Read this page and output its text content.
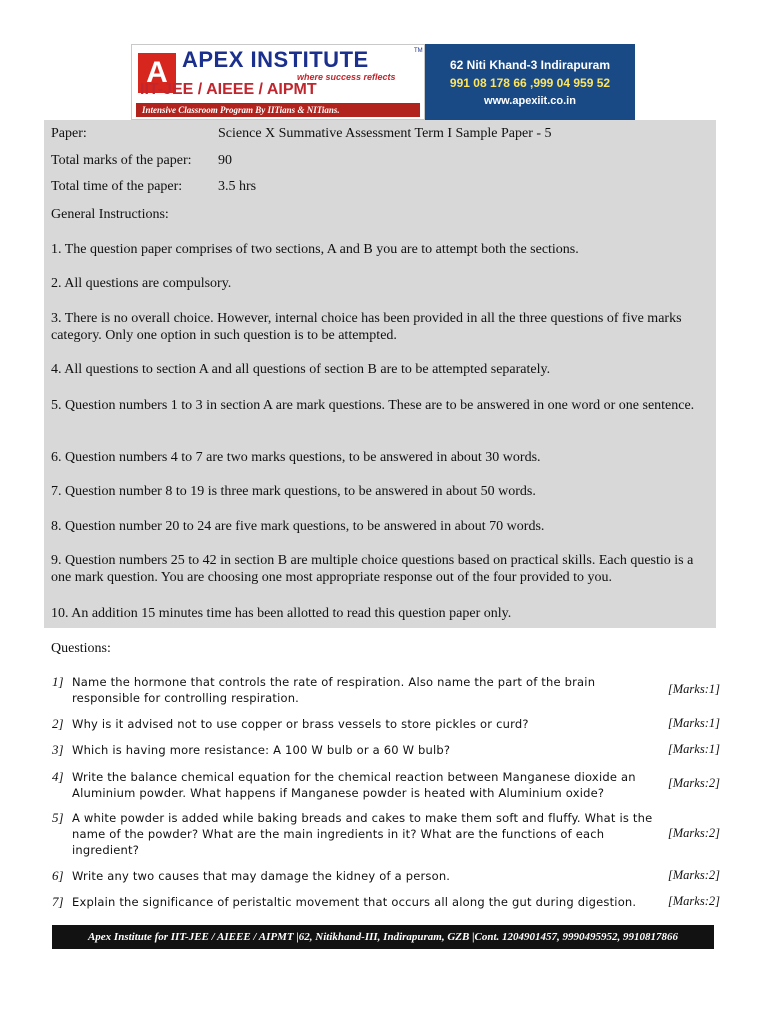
A APEX INSTITUTE	TM
where success reflects
IIT-JEE / AIEEE / AIPMT
Intensive Classroom Program By IITians & NITians.
62 Niti Khand-3 Indirapuram
991 08 178 66 ,999 04 959 52
www.apexiit.co.in
Paper:	Science X Summative Assessment Term I Sample Paper - 5
Total marks of the paper: 90
Total time of the paper:	3.5 hrs
General Instructions:
1. The question paper comprises of two sections, A and B you are to attempt both the sections.
2. All questions are compulsory.
3. There is no overall choice. However, internal choice has been provided in all the three questions of five marks category. Only one option in such question is to be attempted.
4. All questions to section A and all questions of section B are to be attempted separately.
5. Question numbers 1 to 3 in section A are mark questions. These are to be answered in one word or one sentence.
6. Question numbers 4 to 7 are two marks questions, to be answered in about 30 words.
7. Question number 8 to 19 is three mark questions, to be answered in about 50 words.
8. Question number 20 to 24 are five mark questions, to be answered in about 70 words.
9. Question numbers 25 to 42 in section B are multiple choice questions based on practical skills. Each questio is a one mark question. You are choosing one most appropriate response out of the four provided to you.
10. An addition 15 minutes time has been allotted to read this question paper only.
Questions:
1] Name the hormone that controls the rate of respiration. Also name the part of the brain responsible for controlling respiration.
[Marks:1]
2] Why is it advised not to use copper or brass vessels to store pickles or curd?	[Marks:1]
3] Which is having more resistance: A 100 W bulb or a 60 W bulb?	[Marks:1]
4] Write the balance chemical equation for the chemical reaction between Manganese dioxide an Aluminium powder. What happens if Manganese powder is heated with Aluminium oxide?
[Marks:2]
5] A white powder is added while baking breads and cakes to make them soft and fluffy. What is the name of the powder? What are the main ingredients in it? What are the functions of each ingredient?
[Marks:2]
6] Write any two causes that may damage the kidney of a person.	[Marks:2]
7] Explain the significance of peristaltic movement that occurs all along the gut during digestion.	[Marks:2]
Apex Institute for IIT-JEE / AIEEE / AIPMT |62, Nitikhand-III, Indirapuram, GZB |Cont. 1204901457, 9990495952, 9910817866
